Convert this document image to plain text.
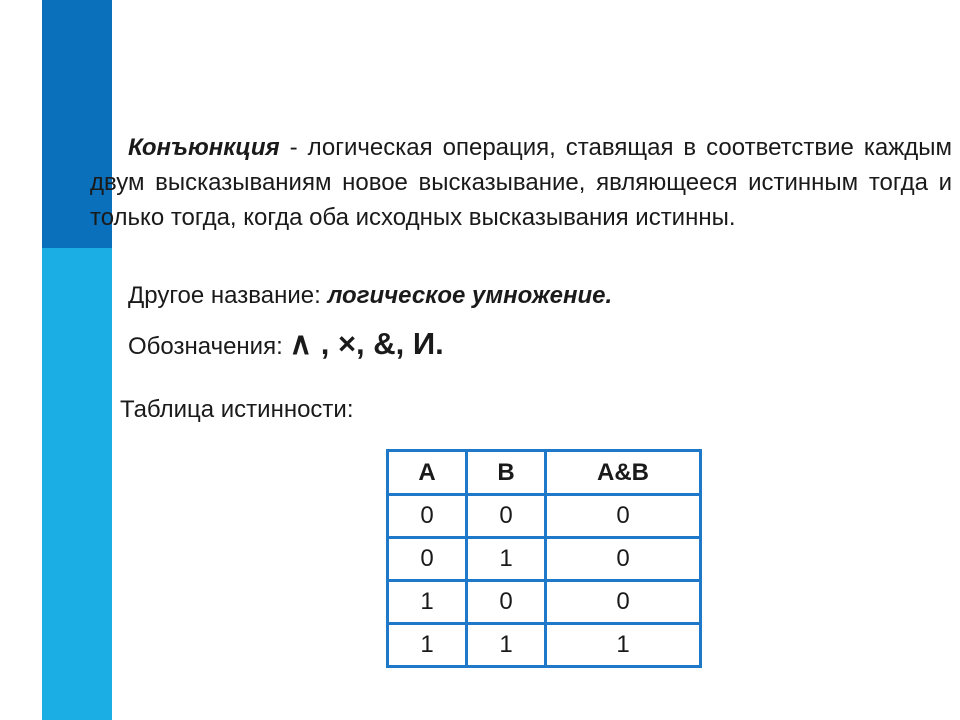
Конъюнкция - логическая операция, ставящая в соответствие каждым двум высказываниям новое высказывание, являющееся истинным тогда и только тогда, когда оба исходных высказывания истинны.

Другое название: логическое умножение.

Обозначения: ∧ , ×, &, И.

Таблица истинности:

A	B	A&B
0	0	0
0	1	0
1	0	0
1	1	1
